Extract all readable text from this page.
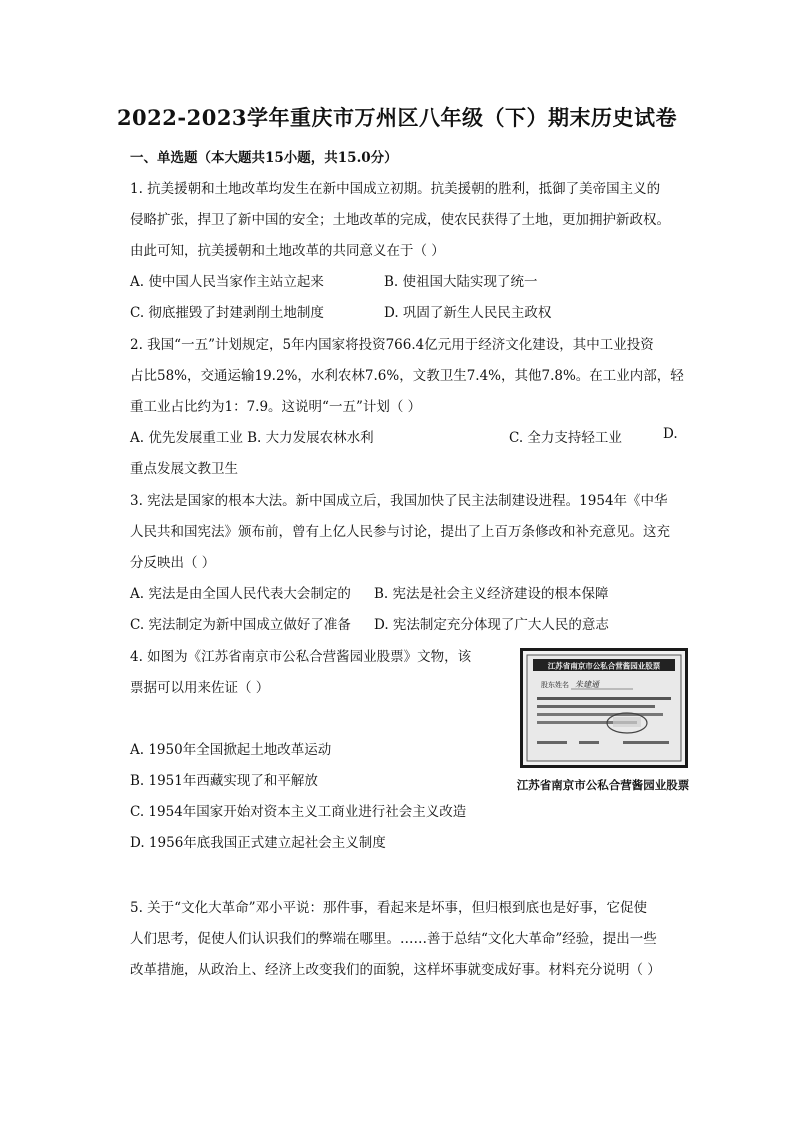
2022-2023学年重庆市万州区八年级（下）期末历史试卷
一、单选题（本大题共15小题，共15.0分）
1. 抗美援朝和土地改革均发生在新中国成立初期。抗美援朝的胜利，抵御了美帝国主义的
侵略扩张，捍卫了新中国的安全；土地改革的完成，使农民获得了土地，更加拥护新政权。
由此可知，抗美援朝和土地改革的共同意义在于（ ）
A. 使中国人民当家作主站立起来	B. 使祖国大陆实现了统一
C. 彻底摧毁了封建剥削土地制度	D. 巩固了新生人民民主政权
2. 我国“一五”计划规定，5年内国家将投资766.4亿元用于经济文化建设，其中工业投资
占比58%，交通运输19.2%，水利农林7.6%，文教卫生7.4%，其他7.8%。在工业内部，轻
重工业占比约为1：7.9。这说明“一五”计划（ ）
A. 优先发展重工业 B. 大力发展农林水利	C. 全力支持轻工业	D.
重点发展文教卫生
3. 宪法是国家的根本大法。新中国成立后，我国加快了民主法制建设进程。1954年《中华
人民共和国宪法》颁布前，曾有上亿人民参与讨论，提出了上百万条修改和补充意见。这充
分反映出（ ）
A. 宪法是由全国人民代表大会制定的 B. 宪法是社会主义经济建设的根本保障
C. 宪法制定为新中国成立做好了准备 D. 宪法制定充分体现了广大人民的意志
4. 如图为《江苏省南京市公私合营酱园业股票》文物，该
票据可以用来佐证（ ）
A. 1950年全国掀起土地改革运动
B. 1951年西藏实现了和平解放
C. 1954年国家开始对资本主义工商业进行社会主义改造
D. 1956年底我国正式建立起社会主义制度
江苏省南京市公私合营酱园业股票
股东姓名 朱建通
江苏省南京市公私合营酱园业股票
5. 关于“文化大革命”邓小平说：那件事，看起来是坏事，但归根到底也是好事，它促使
人们思考，促使人们认识我们的弊端在哪里。……善于总结“文化大革命”经验，提出一些
改革措施，从政治上、经济上改变我们的面貌，这样坏事就变成好事。材料充分说明（ ）
